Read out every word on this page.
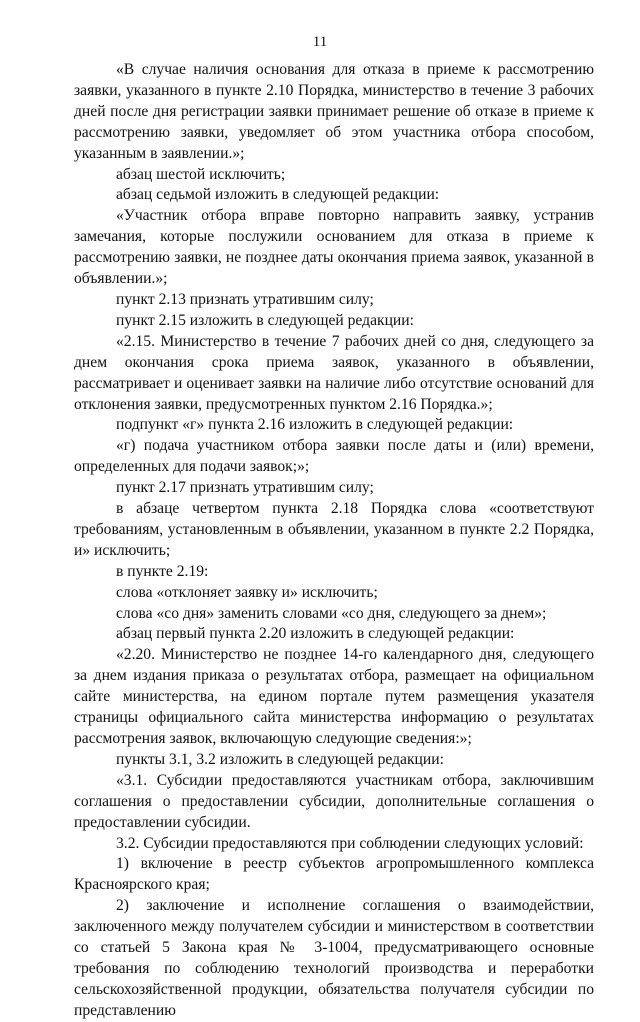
11

«В случае наличия основания для отказа в приеме к рассмотрению заявки, указанного в пункте 2.10 Порядка, министерство в течение 3 рабочих дней после дня регистрации заявки принимает решение об отказе в приеме к рассмотрению заявки, уведомляет об этом участника отбора способом, указанным в заявлении.»;

абзац шестой исключить;

абзац седьмой изложить в следующей редакции:

«Участник отбора вправе повторно направить заявку, устранив замечания, которые послужили основанием для отказа в приеме к рассмотрению заявки, не позднее даты окончания приема заявок, указанной в объявлении.»;

пункт 2.13 признать утратившим силу;

пункт 2.15 изложить в следующей редакции:

«2.15. Министерство в течение 7 рабочих дней со дня, следующего за днем окончания срока приема заявок, указанного в объявлении, рассматривает и оценивает заявки на наличие либо отсутствие оснований для отклонения заявки, предусмотренных пунктом 2.16 Порядка.»;

подпункт «г» пункта 2.16 изложить в следующей редакции:

«г) подача участником отбора заявки после даты и (или) времени, определенных для подачи заявок;»;

пункт 2.17 признать утратившим силу;

в абзаце четвертом пункта 2.18 Порядка слова «соответствуют требованиям, установленным в объявлении, указанном в пункте 2.2 Порядка, и» исключить;

в пункте 2.19:

слова «отклоняет заявку и» исключить;

слова «со дня» заменить словами «со дня, следующего за днем»;

абзац первый пункта 2.20 изложить в следующей редакции:

«2.20. Министерство не позднее 14-го календарного дня, следующего за днем издания приказа о результатах отбора, размещает на официальном сайте министерства, на едином портале путем размещения указателя страницы официального сайта министерства информацию о результатах рассмотрения заявок, включающую следующие сведения:»;

пункты 3.1, 3.2 изложить в следующей редакции:

«3.1. Субсидии предоставляются участникам отбора, заключившим соглашения о предоставлении субсидии, дополнительные соглашения о предоставлении субсидии.

3.2. Субсидии предоставляются при соблюдении следующих условий:

1) включение в реестр субъектов агропромышленного комплекса Красноярского края;

2) заключение и исполнение соглашения о взаимодействии, заключенного между получателем субсидии и министерством в соответствии со статьей 5 Закона края № 3-1004, предусматривающего основные требования по соблюдению технологий производства и переработки сельскохозяйственной продукции, обязательства получателя субсидии по представлению
